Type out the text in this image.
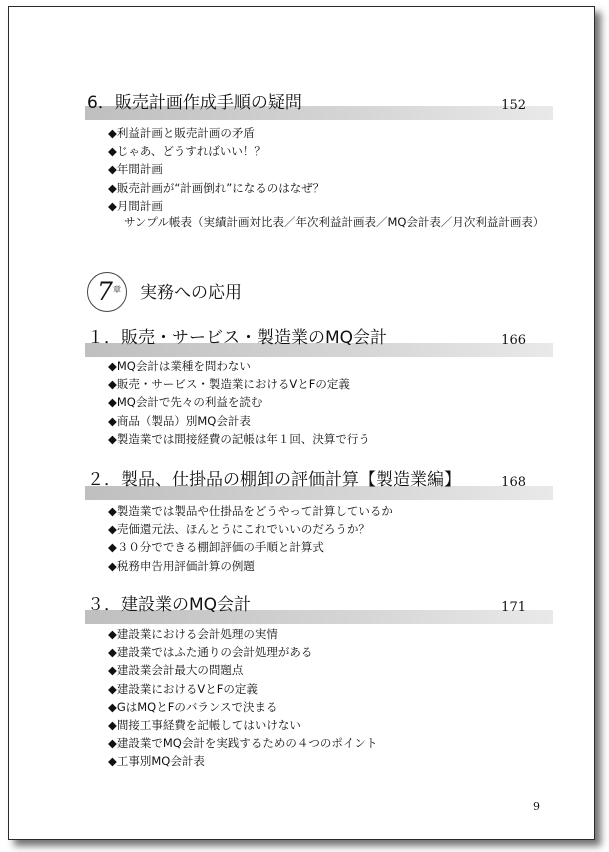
6．販売計画作成手順の疑問	152
◆利益計画と販売計画の矛盾
◆じゃあ、どうすればいい！？
◆年間計画
◆販売計画が“計画倒れ”になるのはなぜ？
◆月間計画
サンプル帳表（実績計画対比表／年次利益計画表／MQ会計表／月次利益計画表）
7 章 実務への応用
１．販売・サービス・製造業のMQ会計	166
◆MQ会計は業種を問わない
◆販売・サービス・製造業におけるVとFの定義
◆MQ会計で先々の利益を読む
◆商品（製品）別MQ会計表
◆製造業では間接経費の記帳は年１回、決算で行う
２．製品、仕掛品の棚卸の評価計算【製造業編】	168
◆製造業では製品や仕掛品をどうやって計算しているか
◆売価還元法、ほんとうにこれでいいのだろうか？
◆３０分でできる棚卸評価の手順と計算式
◆税務申告用評価計算の例題
３．建設業のMQ会計	171
◆建設業における会計処理の実情
◆建設業ではふた通りの会計処理がある
◆建設業会計最大の問題点
◆建設業におけるVとFの定義
◆GはMQとFのバランスで決まる
◆間接工事経費を記帳してはいけない
◆建設業でMQ会計を実践するための４つのポイント
◆工事別MQ会計表
9
